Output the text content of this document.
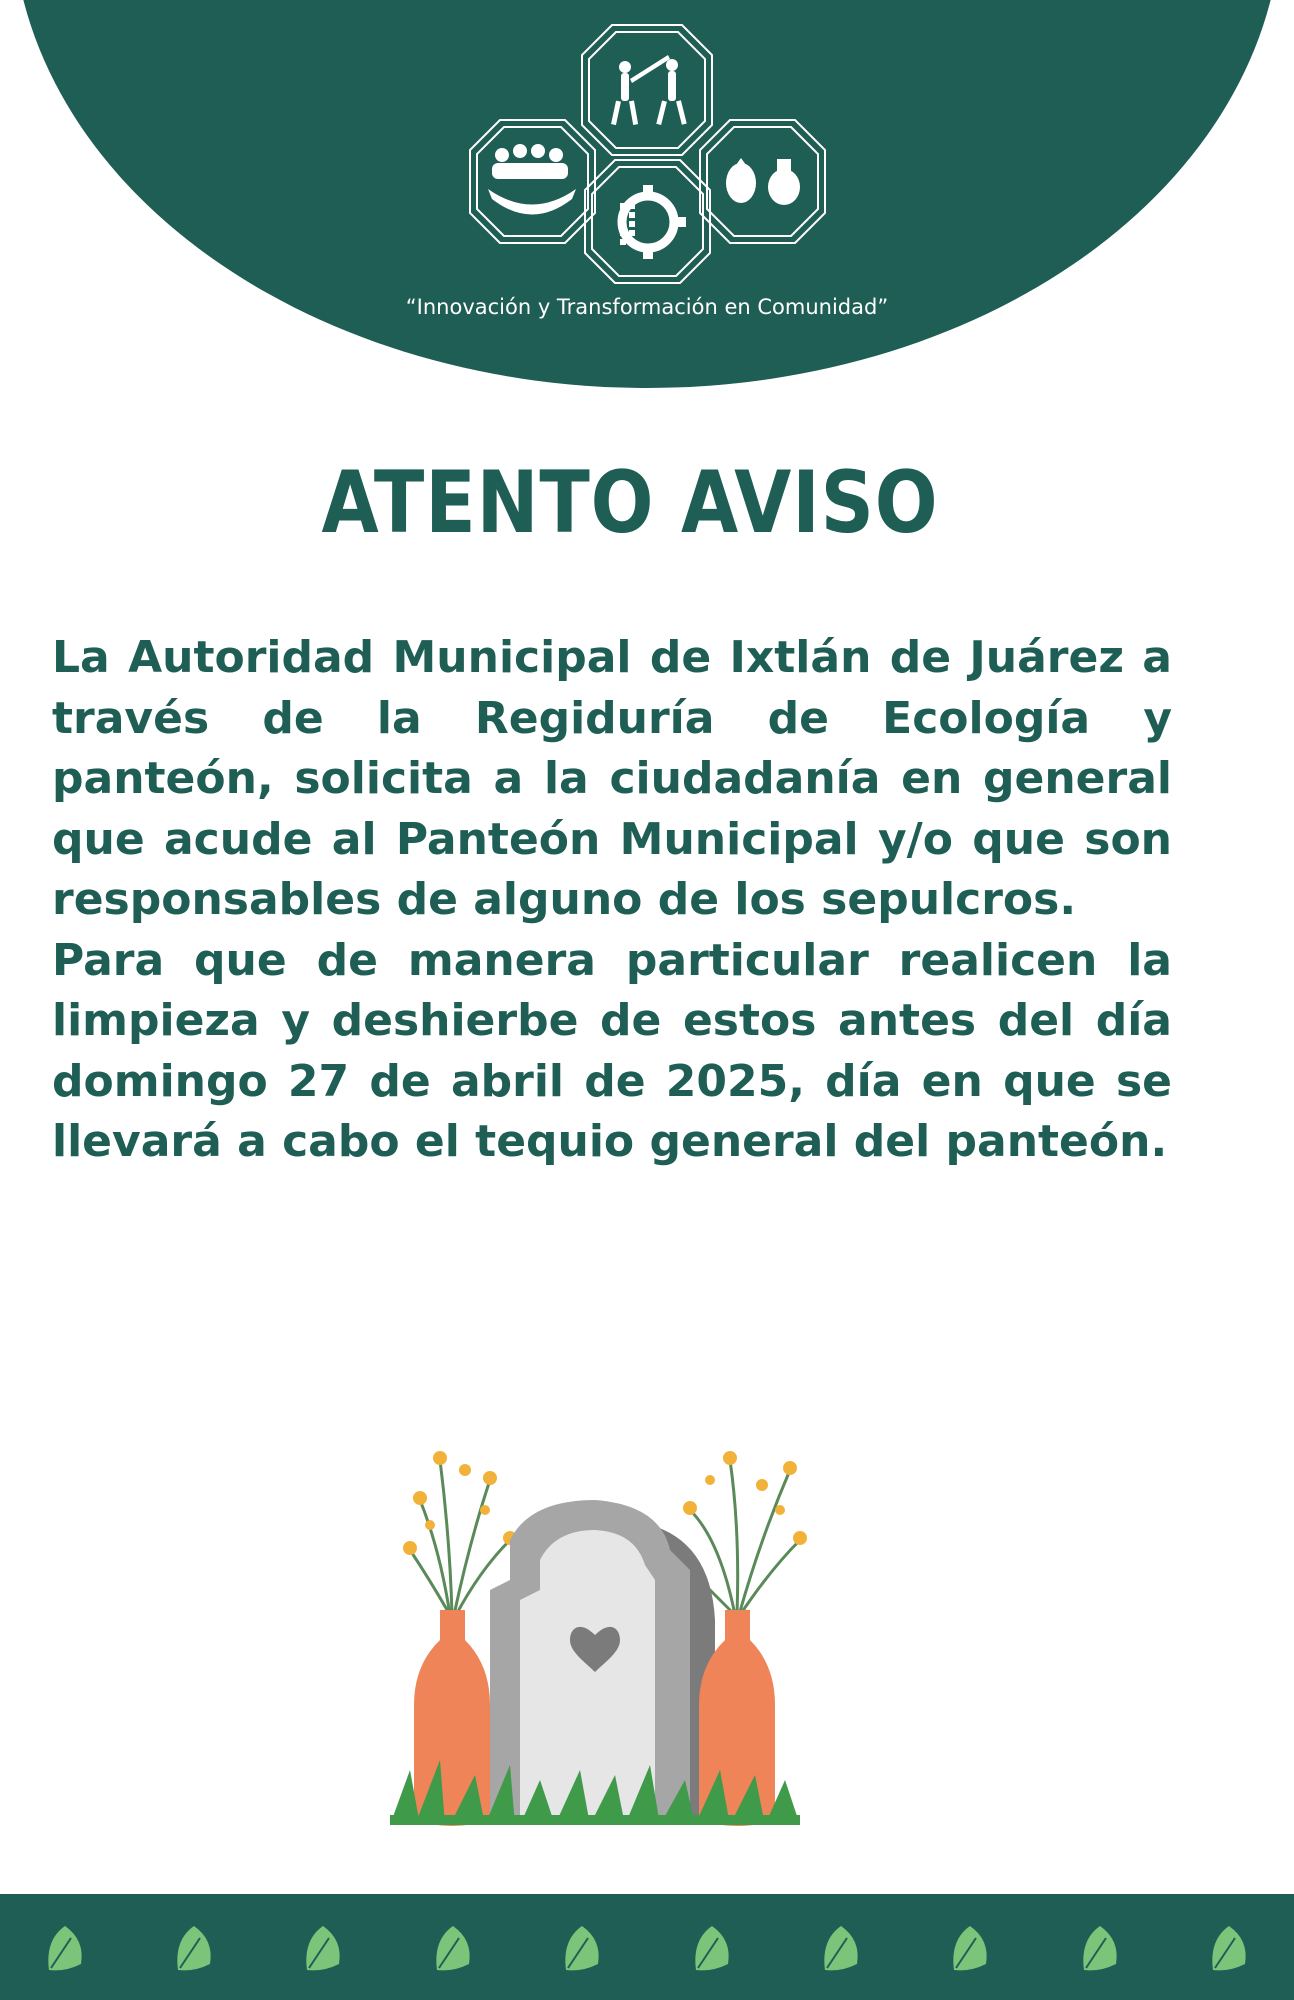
“Innovación y Transformación en Comunidad”
ATENTO AVISO

La Autoridad Municipal de Ixtlán de Juárez a través de la Regiduría de Ecología y panteón, solicita a la ciudadanía en general que acude al Panteón Municipal y/o que son responsables de alguno de los sepulcros.

Para que de manera particular realicen la limpieza y deshierbe de estos antes del día domingo 27 de abril de 2025, día en que se llevará a cabo el tequio general del panteón.
